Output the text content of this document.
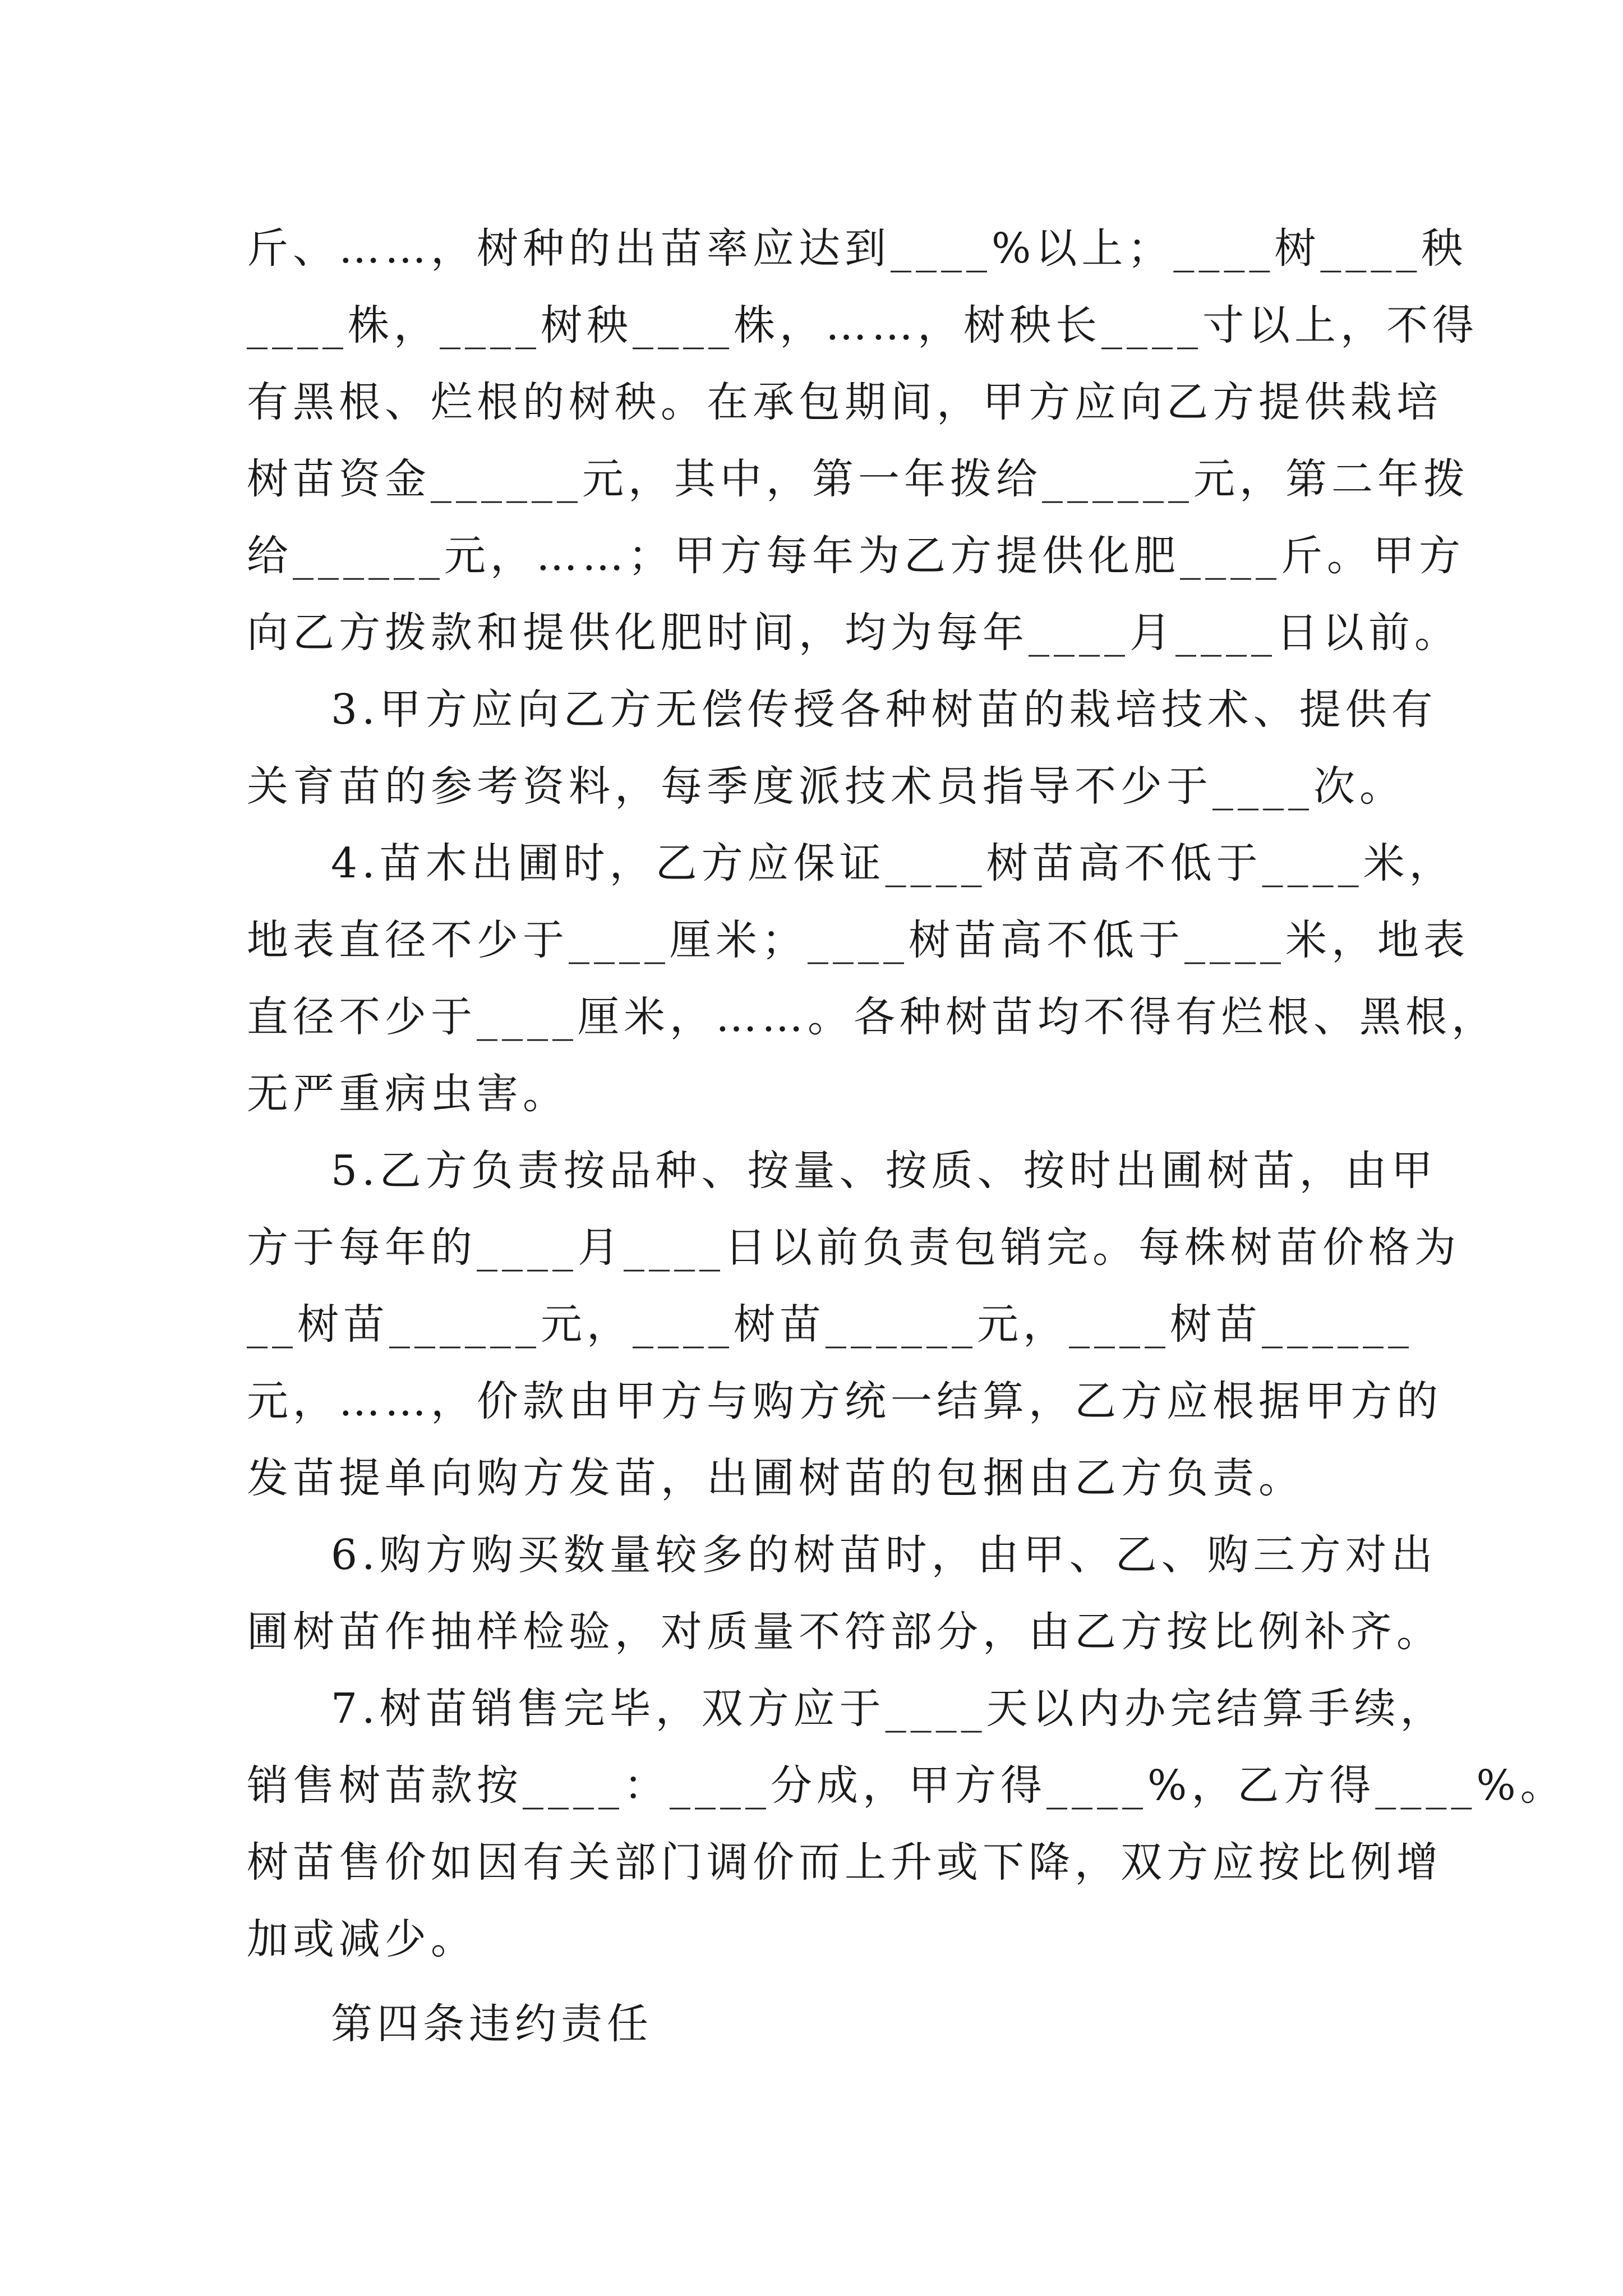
斤、……，树种的出苗率应达到____%以上；____树____秧
____株，____树秧____株，……，树秧长____寸以上，不得
有黑根、烂根的树秧。在承包期间，甲方应向乙方提供栽培
树苗资金______元，其中，第一年拨给______元，第二年拨
给______元，……；甲方每年为乙方提供化肥____斤。甲方
向乙方拨款和提供化肥时间，均为每年____月____日以前。
3.甲方应向乙方无偿传授各种树苗的栽培技术、提供有
关育苗的参考资料，每季度派技术员指导不少于____次。
4.苗木出圃时，乙方应保证____树苗高不低于____米，
地表直径不少于____厘米；____树苗高不低于____米，地表
直径不少于____厘米，……。各种树苗均不得有烂根、黑根，
无严重病虫害。
5.乙方负责按品种、按量、按质、按时出圃树苗，由甲
方于每年的____月____日以前负责包销完。每株树苗价格为
__树苗______元，____树苗______元，____树苗______
元，……，价款由甲方与购方统一结算，乙方应根据甲方的
发苗提单向购方发苗，出圃树苗的包捆由乙方负责。
6.购方购买数量较多的树苗时，由甲、乙、购三方对出
圃树苗作抽样检验，对质量不符部分，由乙方按比例补齐。
7.树苗销售完毕，双方应于____天以内办完结算手续，
销售树苗款按____：____分成，甲方得____%，乙方得____%。
树苗售价如因有关部门调价而上升或下降，双方应按比例增
加或减少。
第四条违约责任
